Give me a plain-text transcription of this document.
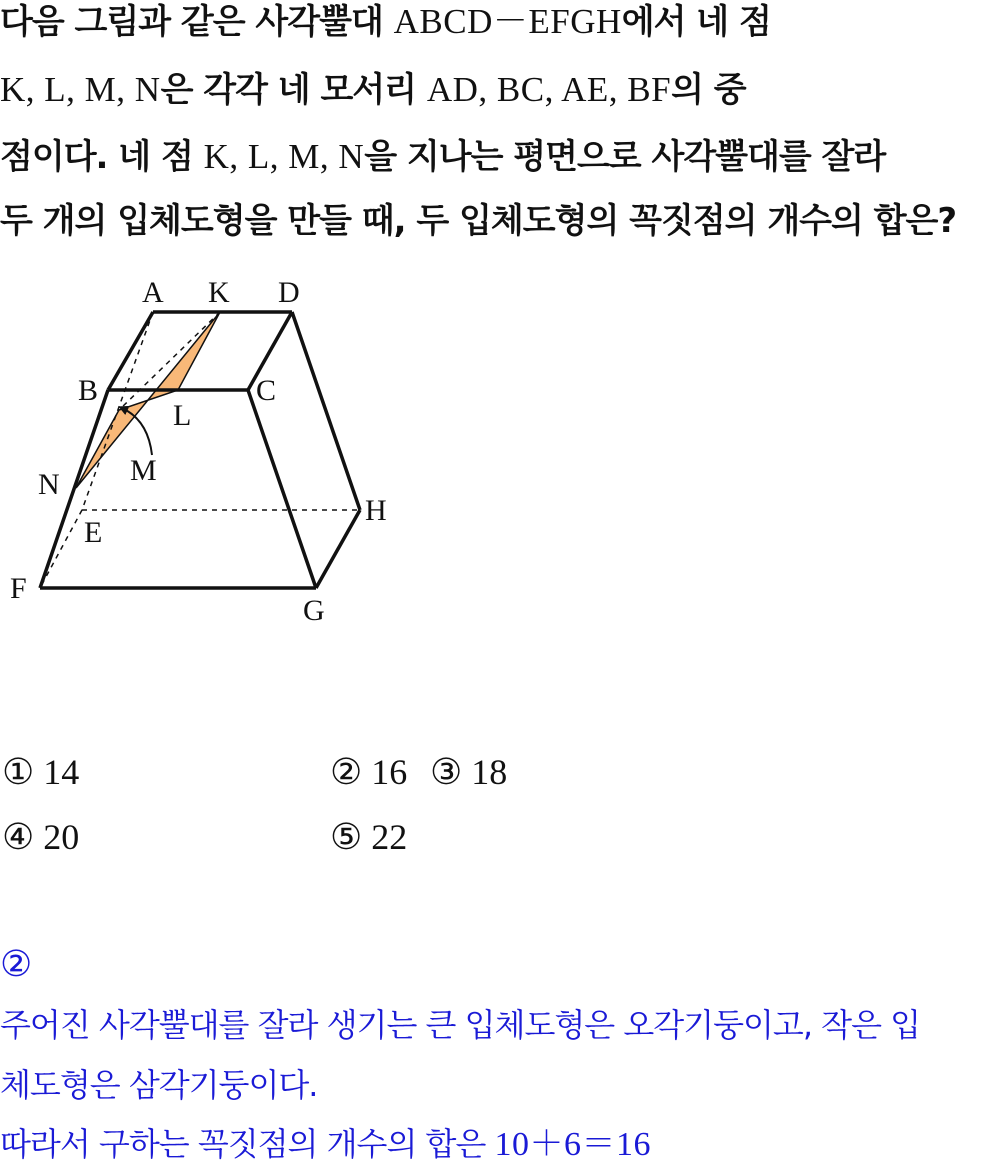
다음 그림과 같은 사각뿔대 ABCD－EFGH에서 네 점
K, L, M, N은 각각 네 모서리 AD, BC, AE, BF의 중
점이다. 네 점 K, L, M, N을 지나는 평면으로 사각뿔대를 잘라
두 개의 입체도형을 만들 때, 두 입체도형의 꼭짓점의 개수의 합은?
A K D
B	C
L
M
N
E
H
F
G
① 14	② 16 ③ 18
④ 20	⑤ 22
②
주어진 사각뿔대를 잘라 생기는 큰 입체도형은 오각기둥이고, 작은 입
체도형은 삼각기둥이다.
따라서 구하는 꼭짓점의 개수의 합은 10＋6＝16
